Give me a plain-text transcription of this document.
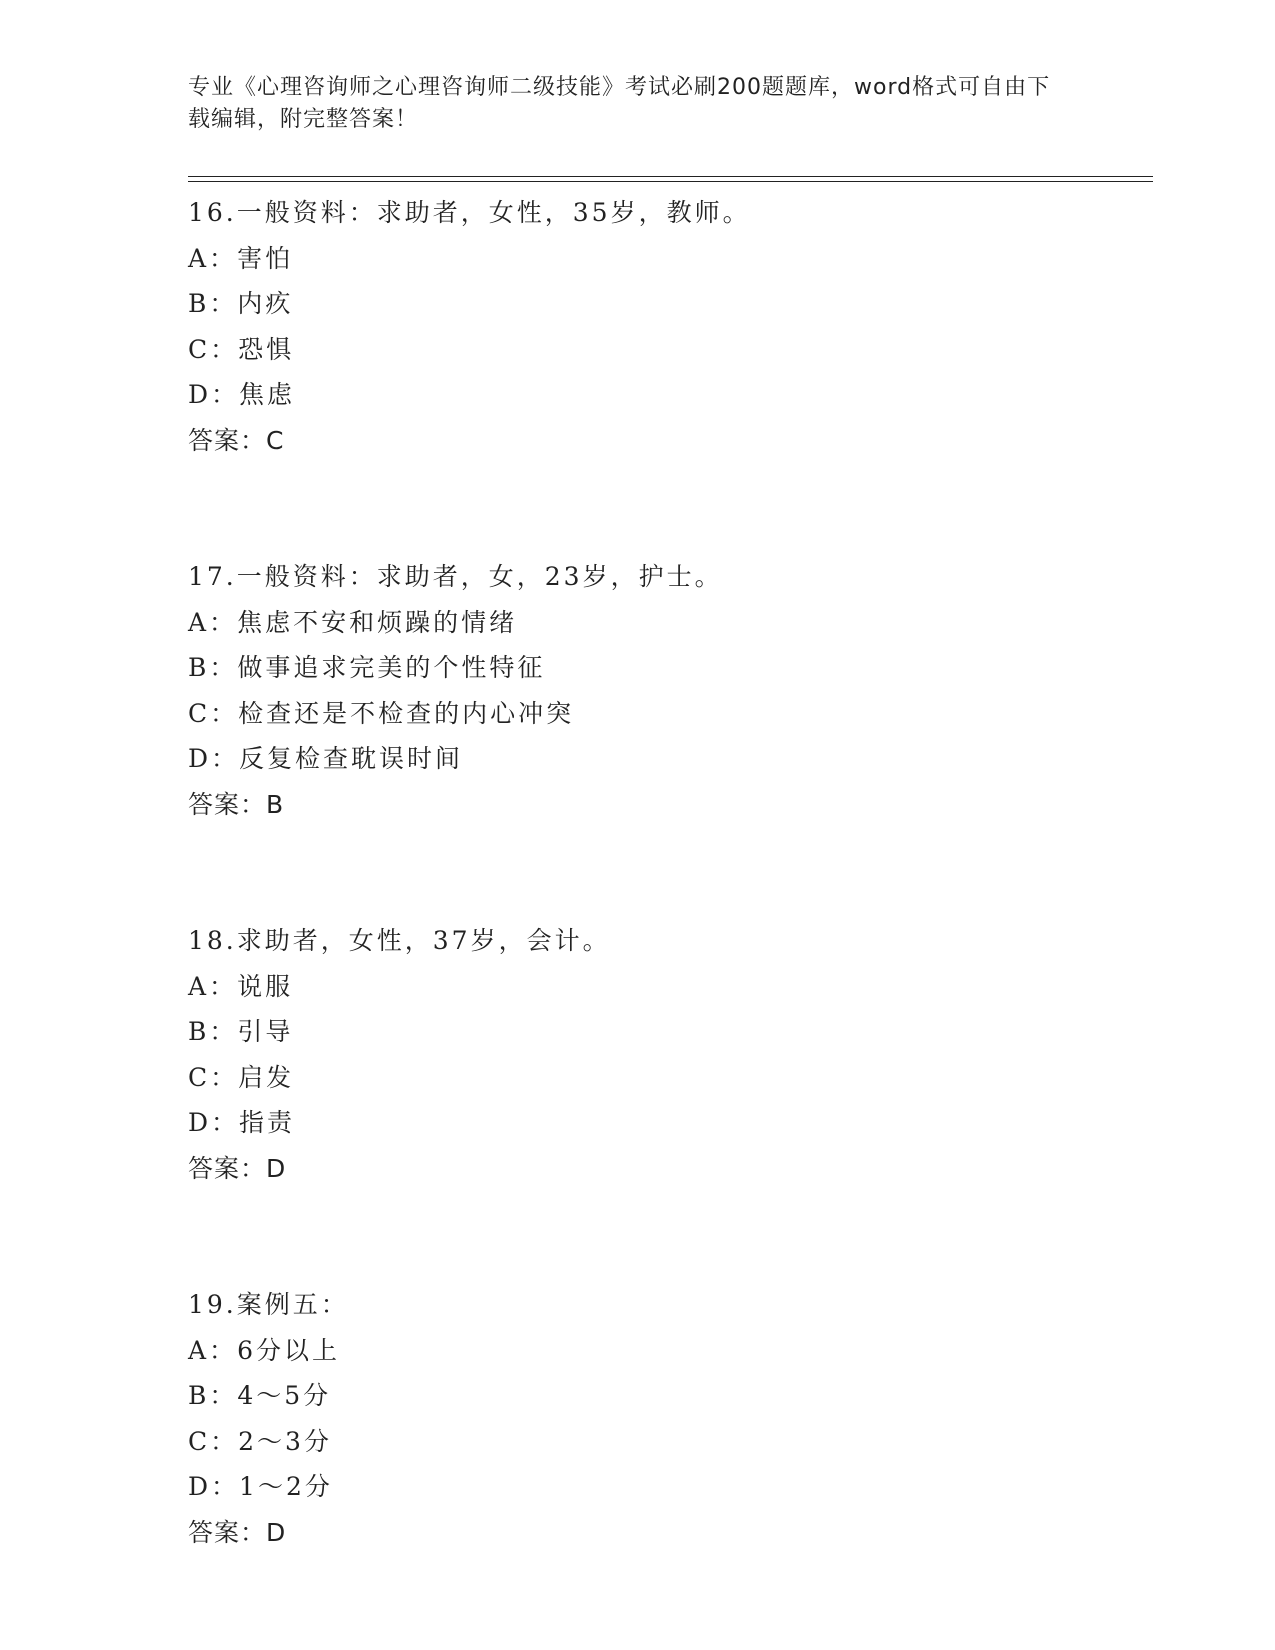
专业《心理咨询师之心理咨询师二级技能》考试必刷200题题库，word格式可自由下载编辑，附完整答案！
16.一般资料：求助者，女性，35岁，教师。
A：害怕
B：内疚
C：恐惧
D：焦虑
答案：C
17.一般资料：求助者，女，23岁，护士。
A：焦虑不安和烦躁的情绪
B：做事追求完美的个性特征
C：检查还是不检查的内心冲突
D：反复检查耽误时间
答案：B
18.求助者，女性，37岁，会计。
A：说服
B：引导
C：启发
D：指责
答案：D
19.案例五：
A：6分以上
B：4～5分
C：2～3分
D：1～2分
答案：D
